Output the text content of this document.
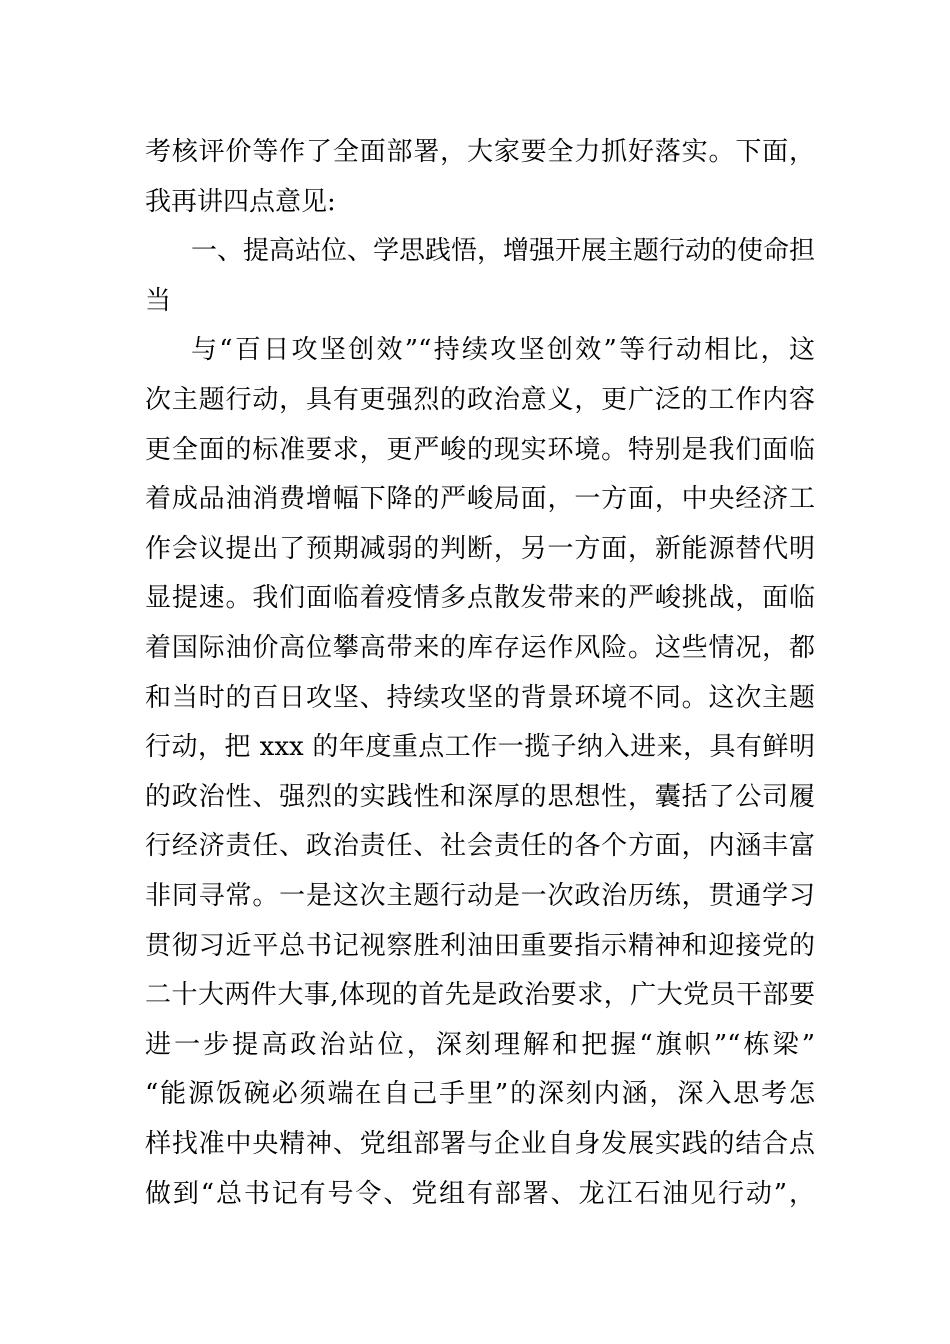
考核评价等作了全面部署，大家要全力抓好落实。下面，
我再讲四点意见:
一、提高站位、学思践悟，增强开展主题行动的使命担
当
与“百日攻坚创效”“持续攻坚创效”等行动相比，这
次主题行动，具有更强烈的政治意义，更广泛的工作内容
更全面的标准要求，更严峻的现实环境。特别是我们面临
着成品油消费增幅下降的严峻局面，一方面，中央经济工
作会议提出了预期减弱的判断，另一方面，新能源替代明
显提速。我们面临着疫情多点散发带来的严峻挑战，面临
着国际油价高位攀高带来的库存运作风险。这些情况，都
和当时的百日攻坚、持续攻坚的背景环境不同。这次主题
行动，把 xxx 的年度重点工作一揽子纳入进来，具有鲜明
的政治性、强烈的实践性和深厚的思想性，囊括了公司履
行经济责任、政治责任、社会责任的各个方面，内涵丰富
非同寻常。一是这次主题行动是一次政治历练，贯通学习
贯彻习近平总书记视察胜利油田重要指示精神和迎接党的
二十大两件大事,体现的首先是政治要求，广大党员干部要
进一步提高政治站位，深刻理解和把握“旗帜”“栋梁”
“能源饭碗必须端在自己手里”的深刻内涵，深入思考怎
样找准中央精神、党组部署与企业自身发展实践的结合点
做到“总书记有号令、党组有部署、龙江石油见行动”，
